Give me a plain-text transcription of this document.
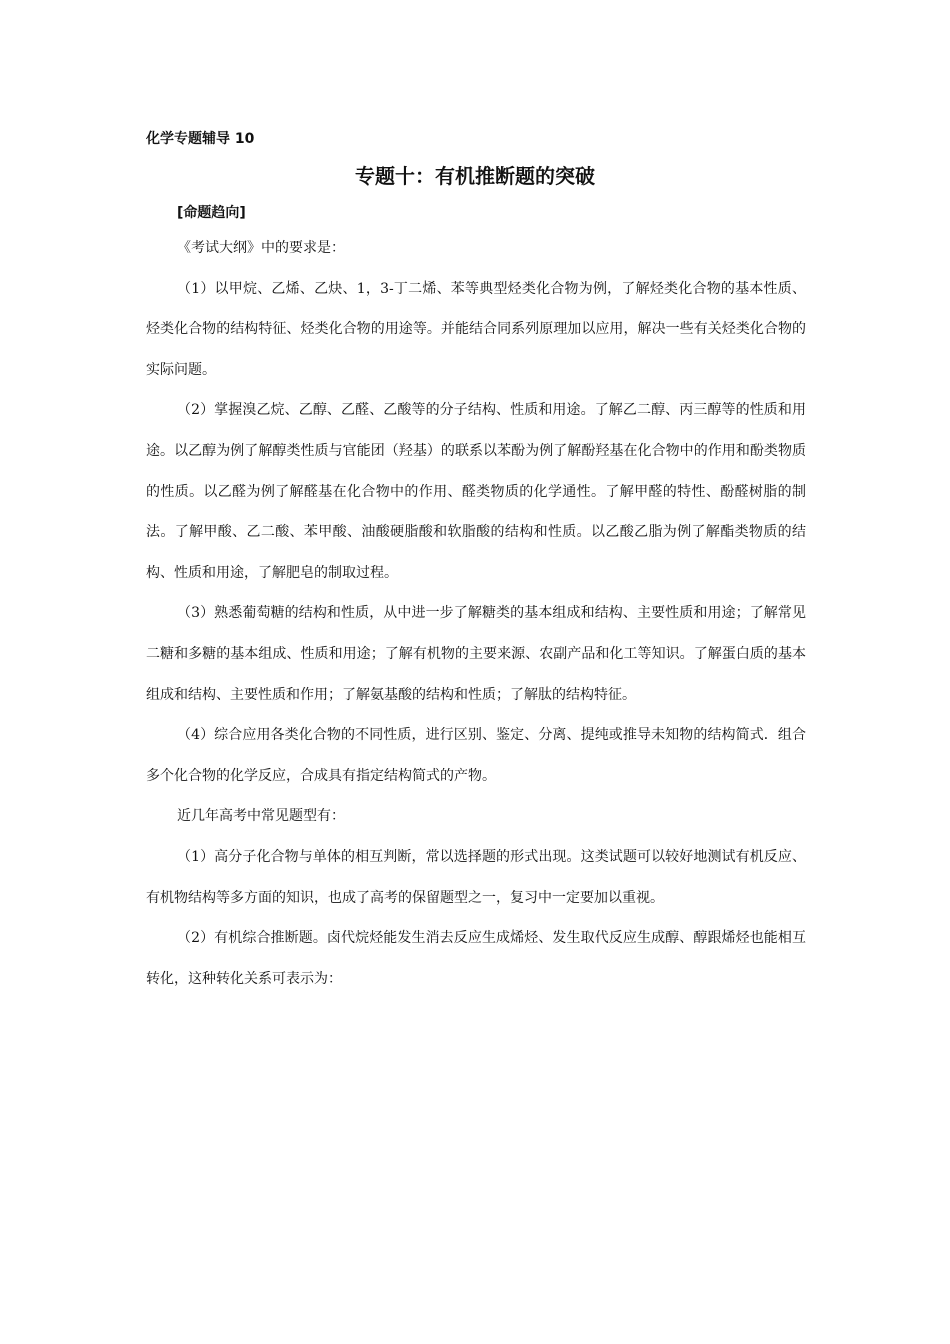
化学专题辅导 10
专题十：有机推断题的突破
[命题趋向]

《考试大纲》中的要求是：

（1）以甲烷、乙烯、乙炔、1，3-丁二烯、苯等典型烃类化合物为例，了解烃类化合物的基本性质、烃类化合物的结构特征、烃类化合物的用途等。并能结合同系列原理加以应用，解决一些有关烃类化合物的实际问题。

（2）掌握溴乙烷、乙醇、乙醛、乙酸等的分子结构、性质和用途。了解乙二醇、丙三醇等的性质和用途。以乙醇为例了解醇类性质与官能团（羟基）的联系以苯酚为例了解酚羟基在化合物中的作用和酚类物质的性质。以乙醛为例了解醛基在化合物中的作用、醛类物质的化学通性。了解甲醛的特性、酚醛树脂的制法。了解甲酸、乙二酸、苯甲酸、油酸硬脂酸和软脂酸的结构和性质。以乙酸乙脂为例了解酯类物质的结构、性质和用途，了解肥皂的制取过程。

（3）熟悉葡萄糖的结构和性质，从中进一步了解糖类的基本组成和结构、主要性质和用途；了解常见二糖和多糖的基本组成、性质和用途；了解有机物的主要来源、农副产品和化工等知识。了解蛋白质的基本组成和结构、主要性质和作用；了解氨基酸的结构和性质；了解肽的结构特征。

（4）综合应用各类化合物的不同性质，进行区别、鉴定、分离、提纯或推导未知物的结构简式．组合多个化合物的化学反应，合成具有指定结构简式的产物。

近几年高考中常见题型有：

（1）高分子化合物与单体的相互判断，常以选择题的形式出现。这类试题可以较好地测试有机反应、有机物结构等多方面的知识，也成了高考的保留题型之一，复习中一定要加以重视。

（2）有机综合推断题。卤代烷烃能发生消去反应生成烯烃、发生取代反应生成醇、醇跟烯烃也能相互转化，这种转化关系可表示为：
